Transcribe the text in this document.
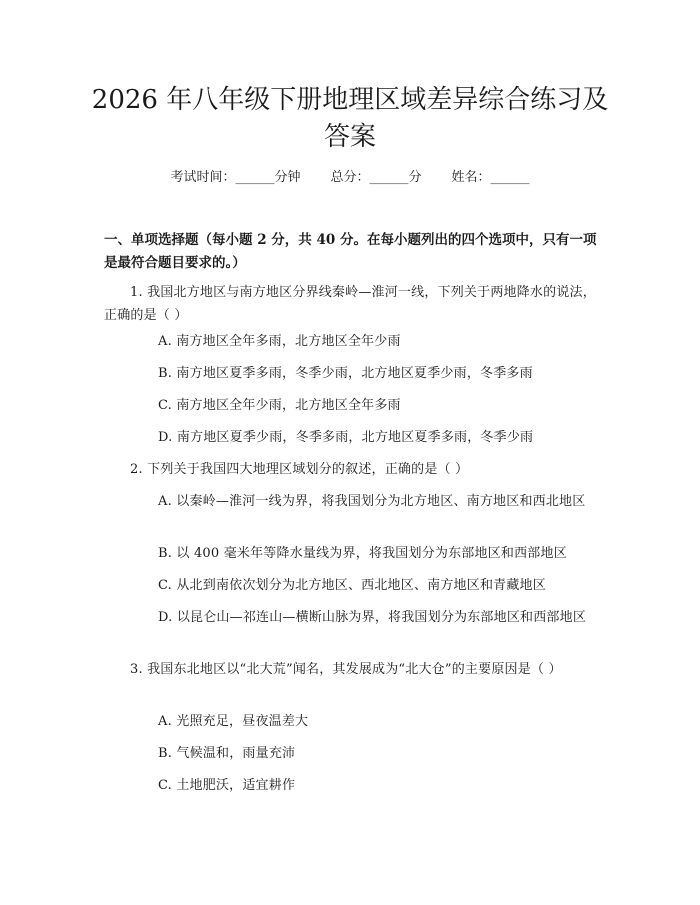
2026 年八年级下册地理区域差异综合练习及答案
考试时间：______分钟 总分：______分 姓名：______
一、单项选择题（每小题 2 分，共 40 分。在每小题列出的四个选项中，只有一项是最符合题目要求的。）
1. 我国北方地区与南方地区分界线秦岭—淮河一线，下列关于两地降水的说法，正确的是（ ）
A. 南方地区全年多雨，北方地区全年少雨
B. 南方地区夏季多雨，冬季少雨，北方地区夏季少雨，冬季多雨
C. 南方地区全年少雨，北方地区全年多雨
D. 南方地区夏季少雨，冬季多雨，北方地区夏季多雨，冬季少雨
2. 下列关于我国四大地理区域划分的叙述，正确的是（ ）
A. 以秦岭—淮河一线为界，将我国划分为北方地区、南方地区和西北地区
B. 以 400 毫米年等降水量线为界，将我国划分为东部地区和西部地区
C. 从北到南依次划分为北方地区、西北地区、南方地区和青藏地区
D. 以昆仑山—祁连山—横断山脉为界，将我国划分为东部地区和西部地区
3. 我国东北地区以“北大荒”闻名，其发展成为“北大仓”的主要原因是（ ）
A. 光照充足，昼夜温差大
B. 气候温和，雨量充沛
C. 土地肥沃，适宜耕作
